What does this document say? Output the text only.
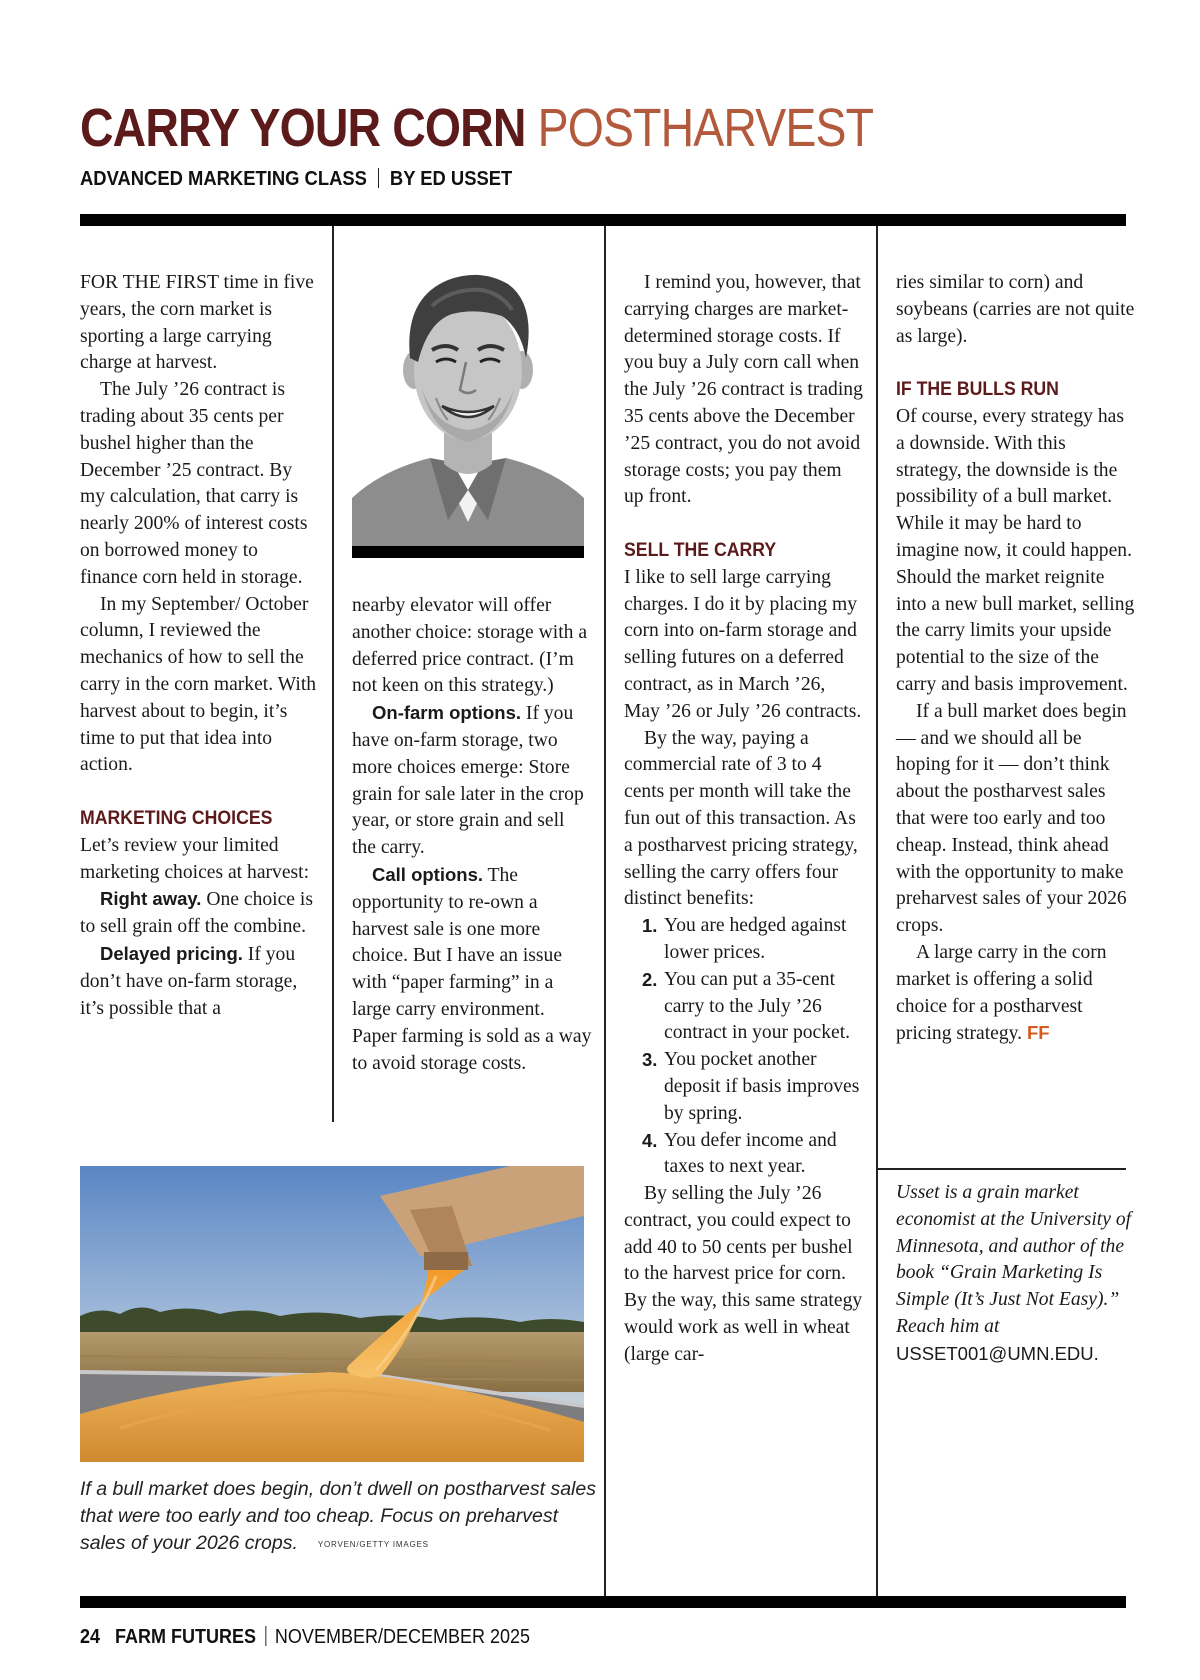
CARRY YOUR CORN POSTHARVEST
ADVANCED MARKETING CLASS BY ED USSET

FOR THE FIRST time in five years, the corn market is sporting a large carrying charge at harvest.

The July ’26 contract is trading about 35 cents per bushel higher than the December ’25 contract. By my calculation, that carry is nearly 200% of interest costs on borrowed money to finance corn held in storage.

In my September/ October column, I reviewed the mechanics of how to sell the carry in the corn market. With harvest about to begin, it’s time to put that idea into action.

MARKETING CHOICES

Let’s review your limited marketing choices at harvest:

Right away. One choice is to sell grain off the combine.

Delayed pricing. If you don’t have on-farm storage, it’s possible that a

nearby elevator will offer another choice: storage with a deferred price contract. (I’m not keen on this strategy.)

On-farm options. If you have on-farm storage, two more choices emerge: Store grain for sale later in the crop year, or store grain and sell the carry.

Call options. The opportunity to re-own a harvest sale is one more choice. But I have an issue with “paper farming” in a large carry environment. Paper farming is sold as a way to avoid storage costs.

I remind you, however, that carrying charges are market-determined storage costs. If you buy a July corn call when the July ’26 contract is trading 35 cents above the December ’25 contract, you do not avoid storage costs; you pay them up front.

SELL THE CARRY

I like to sell large carrying charges. I do it by placing my corn into on-farm storage and selling futures on a deferred contract, as in March ’26, May ’26 or July ’26 contracts.

By the way, paying a commercial rate of 3 to 4 cents per month will take the fun out of this transaction. As a postharvest pricing strategy, selling the carry offers four distinct benefits:

1. You are hedged against lower prices.
2. You can put a 35-cent carry to the July ’26 contract in your pocket.
3. You pocket another deposit if basis improves by spring.
4. You defer income and taxes to next year.

By selling the July ’26 contract, you could expect to add 40 to 50 cents per bushel to the harvest price for corn. By the way, this same strategy would work as well in wheat (large car-

ries similar to corn) and soybeans (carries are not quite as large).

IF THE BULLS RUN

Of course, every strategy has a downside. With this strategy, the downside is the possibility of a bull market. While it may be hard to imagine now, it could happen. Should the market reignite into a new bull market, selling the carry limits your upside potential to the size of the carry and basis improvement.

If a bull market does begin — and we should all be hoping for it — don’t think about the postharvest sales that were too early and too cheap. Instead, think ahead with the opportunity to make preharvest sales of your 2026 crops.

A large carry in the corn market is offering a solid choice for a postharvest pricing strategy. FF

Usset is a grain market economist at the University of Minnesota, and author of the book “Grain Marketing Is Simple (It’s Just Not Easy).” Reach him at USSET001@UMN.EDU.
If a bull market does begin, don’t dwell on postharvest sales that were too early and too cheap. Focus on preharvest sales of your 2026 crops.	YORVEN/GETTY IMAGES
24 FARM FUTURES NOVEMBER/DECEMBER 2025
